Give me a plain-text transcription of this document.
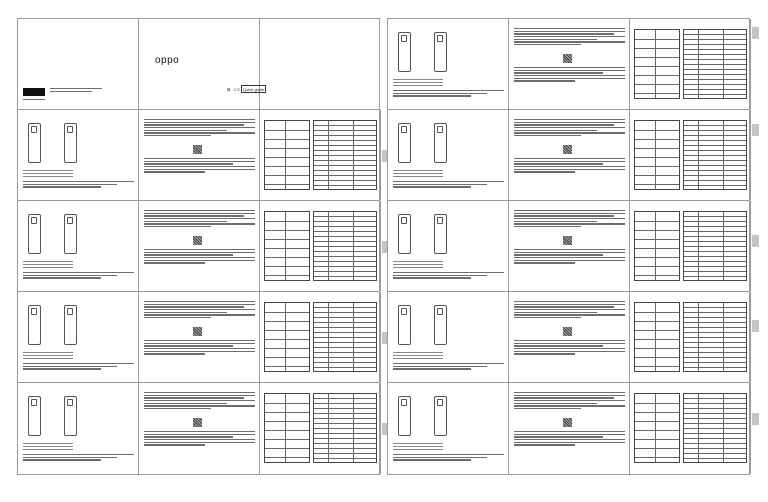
oppo
⊠ CE Quick guide
